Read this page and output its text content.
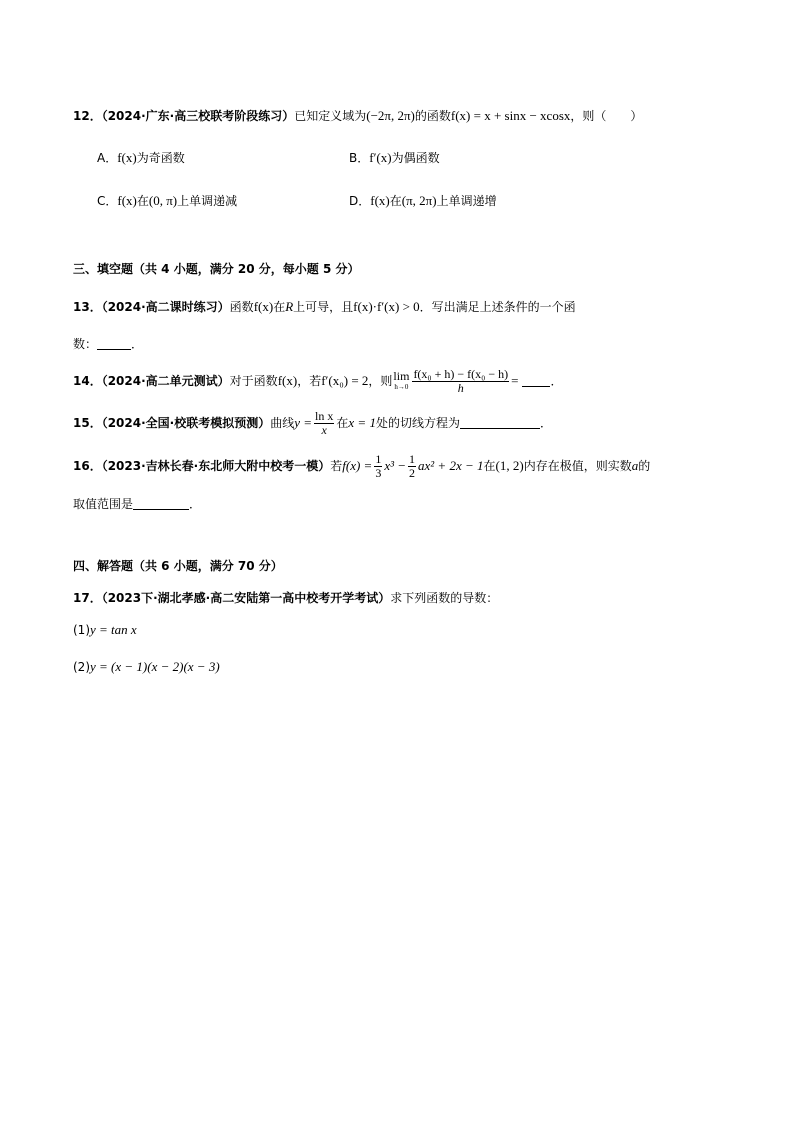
12．（2024·广东·高三校联考阶段练习）已知定义域为(−2π, 2π)的函数f(x) = x + sinx − xcosx，则（　　）
A．f(x)为奇函数	B．f′(x)为偶函数
C．f(x)在(0, π)上单调递减	D．f(x)在(π, 2π)上单调递增
三、填空题（共 4 小题，满分 20 分，每小题 5 分）
13．（2024·高二课时练习）函数f(x)在R上可导，且f(x)·f′(x) > 0．写出满足上述条件的一个函
数：	．
14．（2024·高二单元测试）对于函数f(x)，若f′(x₀) = 2，则 lim
$h\to 0 \frac{\text{f(x₀ + h) − f(x₀ − h)}}{h}$ =	．
15．（2024·全国·校联考模拟预测）曲线$y = \frac{\text{ln x}}{x}$ 在x = 1处的切线方程为	．
16．（2023·吉林长春·东北师大附中校考一模）若$f(x) = \frac{1}{3} x^3 - \frac{1}{2} ax^2 + 2x - 1$在(1, 2)内存在极值，则实数a的
取值范围是	．
四、解答题（共 6 小题，满分 70 分）
17．（2023下·湖北孝感·高二安陆第一高中校考开学考试）求下列函数的导数：
(1)y = tan x
(2)y = (x − 1)(x − 2)(x − 3)
